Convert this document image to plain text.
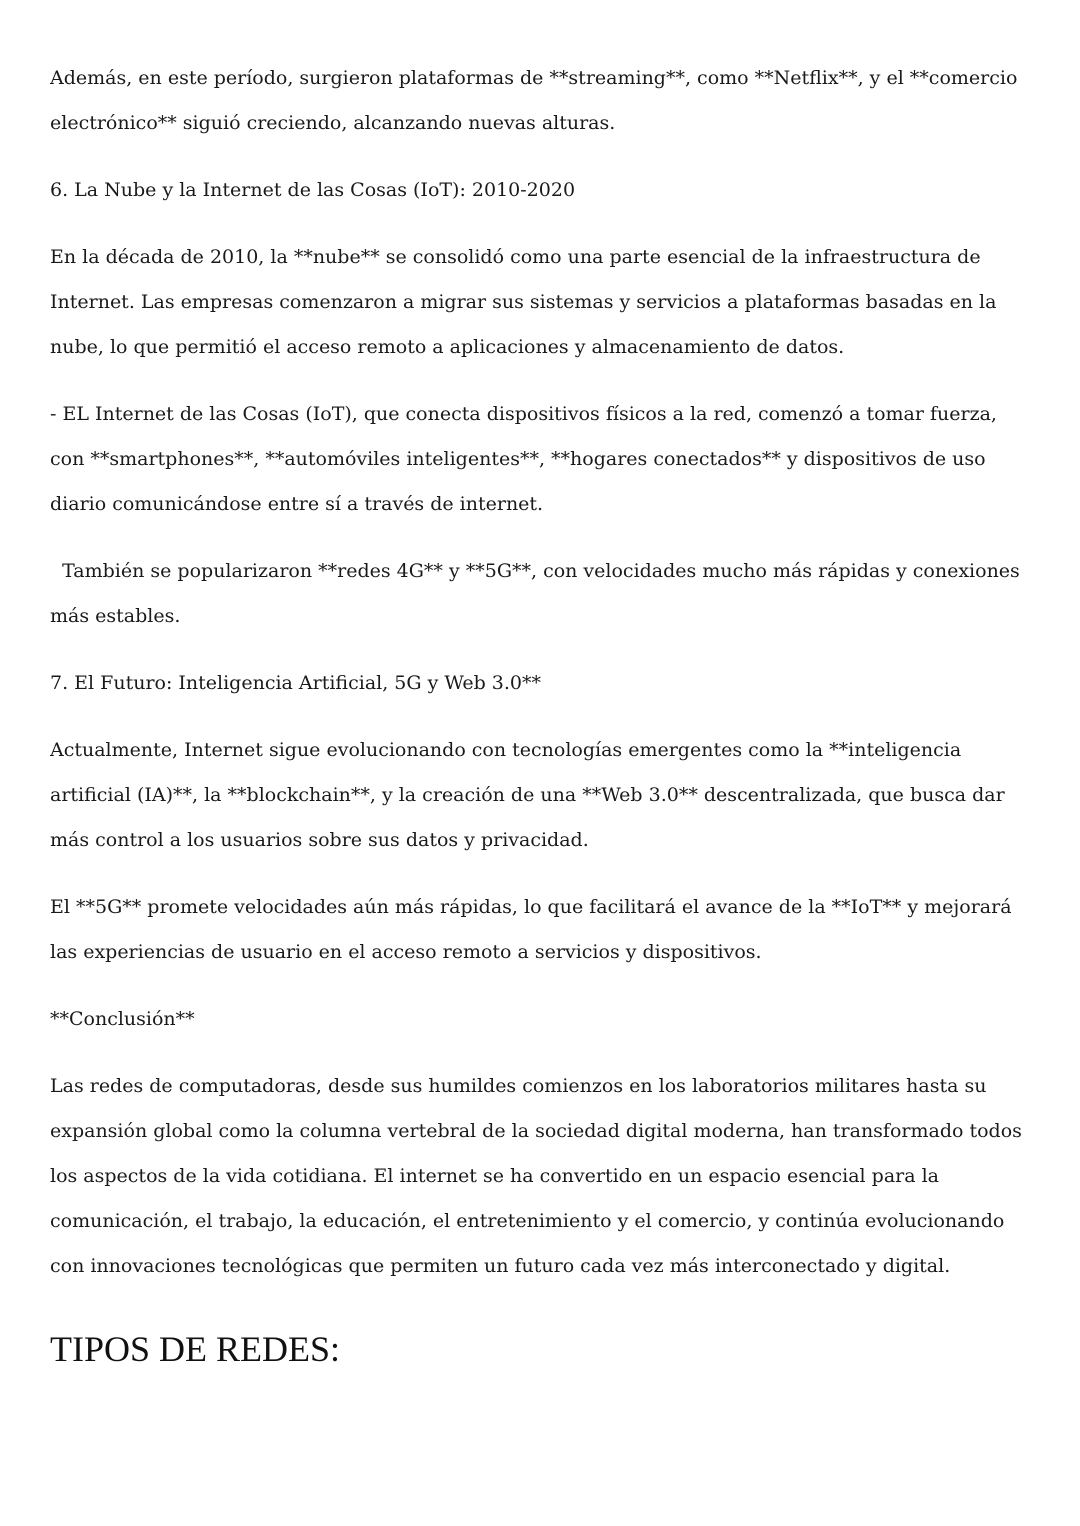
Además, en este período, surgieron plataformas de **streaming**, como **Netflix**, y el **comercio electrónico** siguió creciendo, alcanzando nuevas alturas.

6. La Nube y la Internet de las Cosas (IoT): 2010-2020

En la década de 2010, la **nube** se consolidó como una parte esencial de la infraestructura de Internet. Las empresas comenzaron a migrar sus sistemas y servicios a plataformas basadas en la nube, lo que permitió el acceso remoto a aplicaciones y almacenamiento de datos.

- EL Internet de las Cosas (IoT), que conecta dispositivos físicos a la red, comenzó a tomar fuerza, con **smartphones**, **automóviles inteligentes**, **hogares conectados** y dispositivos de uso diario comunicándose entre sí a través de internet.

También se popularizaron **redes 4G** y **5G**, con velocidades mucho más rápidas y conexiones más estables.

7. El Futuro: Inteligencia Artificial, 5G y Web 3.0**

Actualmente, Internet sigue evolucionando con tecnologías emergentes como la **inteligencia artificial (IA)**, la **blockchain**, y la creación de una **Web 3.0** descentralizada, que busca dar más control a los usuarios sobre sus datos y privacidad.

El **5G** promete velocidades aún más rápidas, lo que facilitará el avance de la **IoT** y mejorará las experiencias de usuario en el acceso remoto a servicios y dispositivos.

**Conclusión**

Las redes de computadoras, desde sus humildes comienzos en los laboratorios militares hasta su expansión global como la columna vertebral de la sociedad digital moderna, han transformado todos los aspectos de la vida cotidiana. El internet se ha convertido en un espacio esencial para la comunicación, el trabajo, la educación, el entretenimiento y el comercio, y continúa evolucionando con innovaciones tecnológicas que permiten un futuro cada vez más interconectado y digital.

TIPOS DE REDES:
